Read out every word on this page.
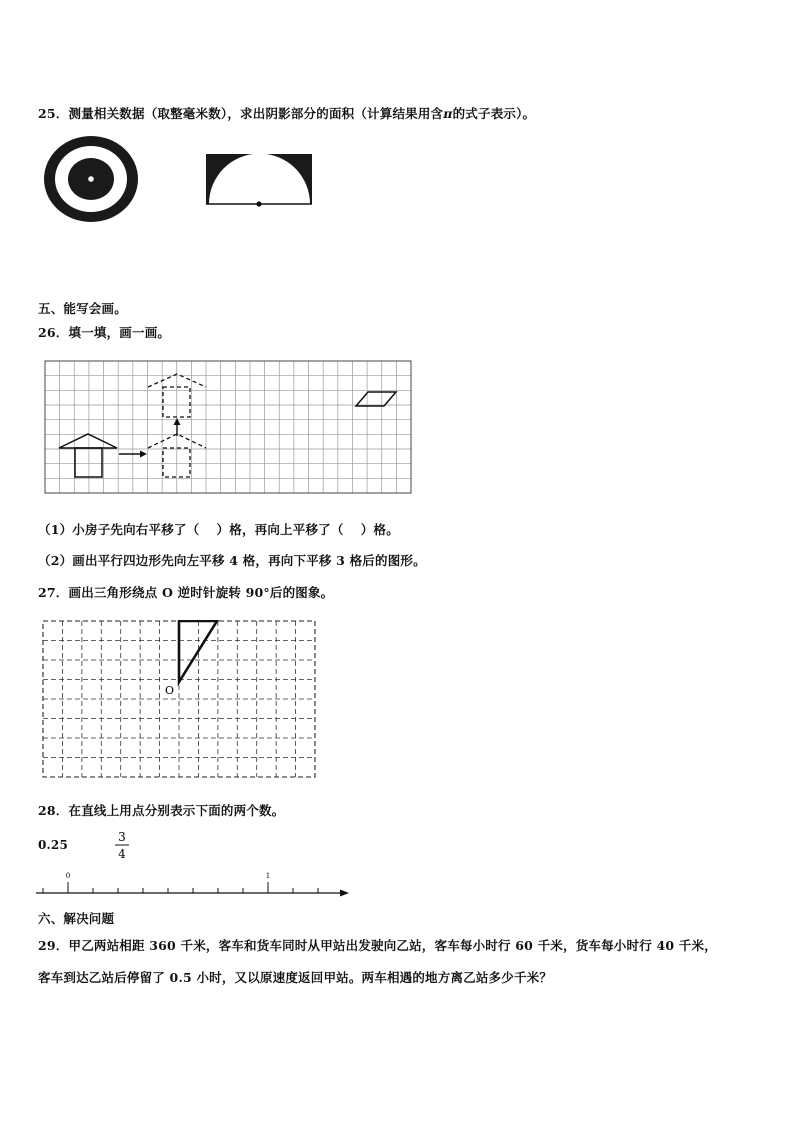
25．测量相关数据（取整毫米数），求出阴影部分的面积（计算结果用含π的式子表示）。
五、能写会画。
26．填一填，画一画。
（1）小房子先向右平移了（　 ）格，再向上平移了（　 ）格。
（2）画出平行四边形先向左平移 4 格，再向下平移 3 格后的图形。
27．画出三角形绕点 O 逆时针旋转 90°后的图象。
O
28．在直线上用点分别表示下面的两个数。
0.25
3
4
0	1
六、解决问题
29．甲乙两站相距 360 千米，客车和货车同时从甲站出发驶向乙站，客车每小时行 60 千米，货车每小时行 40 千米，
客车到达乙站后停留了 0.5 小时，又以原速度返回甲站。两车相遇的地方离乙站多少千米？
